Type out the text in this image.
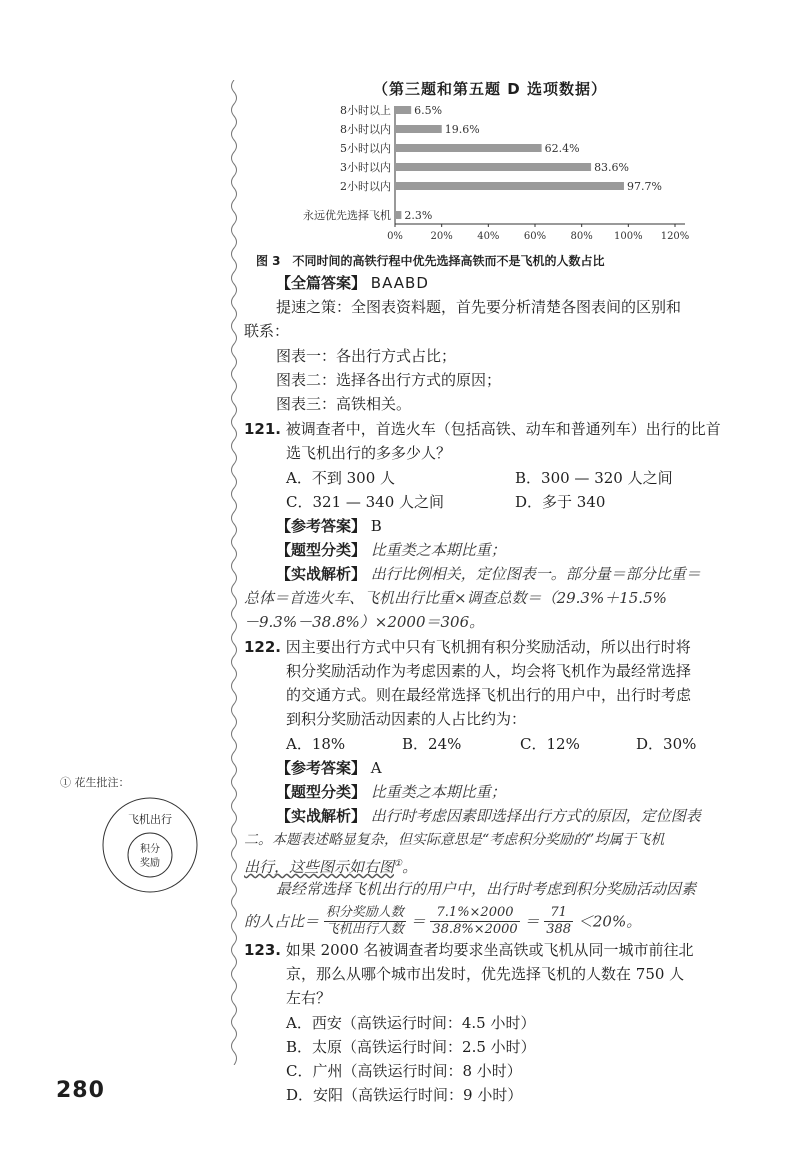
（第三题和第五题 D 选项数据）
8小时以上 6.5%
8小时以内	19.6%
5小时以内	62.4%
3小时以内	83.6%
2小时以内	97.7%
永远优先选择飞机 2.3%
0%	20% 40% 60% 80% 100% 120%
图 3　不同时间的高铁行程中优先选择高铁而不是飞机的人数占比
【全篇答案】 BAABD
提速之策：全图表资料题，首先要分析清楚各图表间的区别和
联系：
图表一：各出行方式占比；
图表二：选择各出行方式的原因；
图表三：高铁相关。
121. 被调查者中，首选火车（包括高铁、动车和普通列车）出行的比首
选飞机出行的多多少人？
A．不到 300 人	B．300 — 320 人之间
C．321 — 340 人之间	D．多于 340
【参考答案】 B
【题型分类】 比重类之本期比重；
【实战解析】 出行比例相关，定位图表一。部分量＝部分比重＝
总体＝首选火车、飞机出行比重×调查总数＝（29.3%＋15.5%
－9.3%－38.8%）×2000＝306。
122. 因主要出行方式中只有飞机拥有积分奖励活动，所以出行时将
积分奖励活动作为考虑因素的人，均会将飞机作为最经常选择
的交通方式。则在最经常选择飞机出行的用户中，出行时考虑
到积分奖励活动因素的人占比约为：
A．18%	B．24%	C．12%	D．30%
【参考答案】 A
【题型分类】 比重类之本期比重；
【实战解析】 出行时考虑因素即选择出行方式的原因，定位图表
二。本题表述略显复杂，但实际意思是“考虑积分奖励的”均属于飞机
出行，这些图示如右图①。
最经常选择飞机出行的用户中，出行时考虑到积分奖励活动因素
的人占比＝ 积分奖励人数
飞机出行人数 ＝ $\frac{7.1\%\times 2000}{38.8\%\times 2000} = \frac{71}{388} <20\%$。
123. 如果 2000 名被调查者均要求坐高铁或飞机从同一城市前往北
京，那么从哪个城市出发时，优先选择飞机的人数在 750 人
左右？
A．西安（高铁运行时间：4.5 小时）
B．太原（高铁运行时间：2.5 小时）
C．广州（高铁运行时间：8 小时）
D．安阳（高铁运行时间：9 小时）
① 花生批注：
飞机出行
积分
奖励
280
